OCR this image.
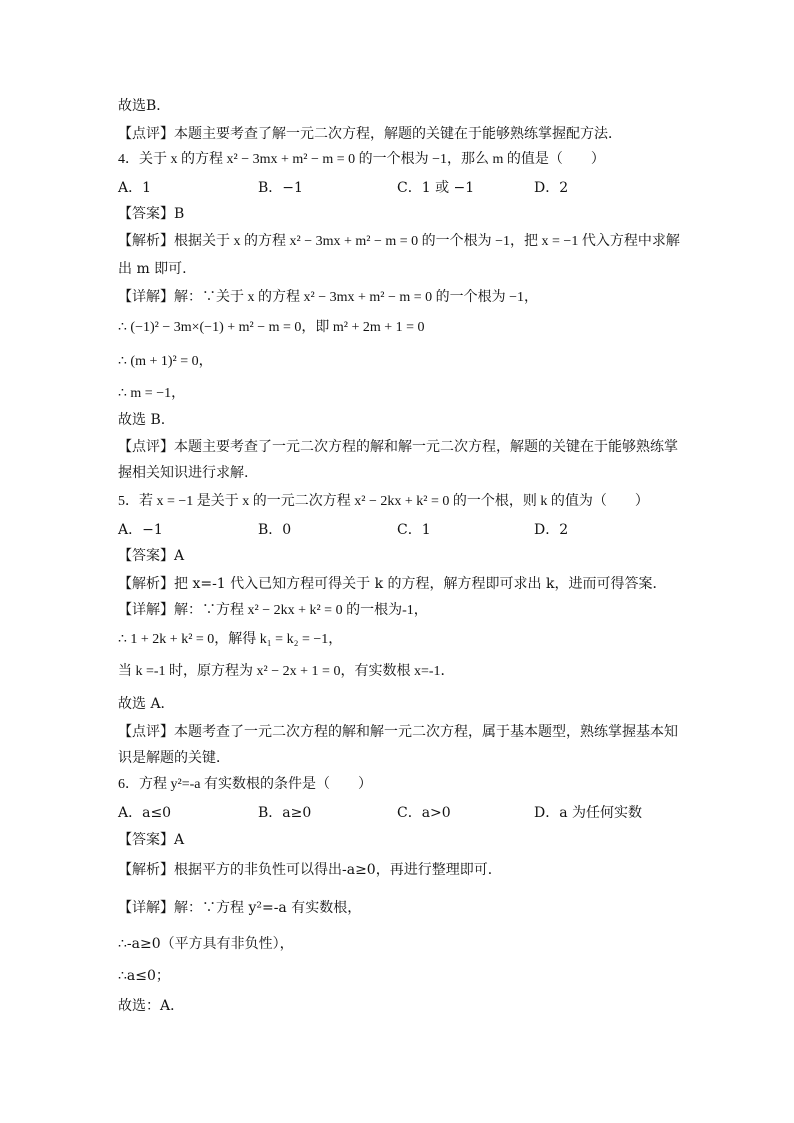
故选B．
【点评】本题主要考查了解一元二次方程，解题的关键在于能够熟练掌握配方法．
4．关于 x 的方程 x² − 3mx + m² − m = 0 的一个根为 −1，那么 m 的值是（　　）
A．1	B．−1	C．1 或 −1	D．2
【答案】B
【解析】根据关于 x 的方程 x² − 3mx + m² − m = 0 的一个根为 −1，把 x = −1 代入方程中求解
出 m 即可.
【详解】解：∵关于 x 的方程 x² − 3mx + m² − m = 0 的一个根为 −1，
∴ (−1)² − 3m×(−1) + m² − m = 0，即 m² + 2m + 1 = 0
∴ (m + 1)² = 0，
∴ m = −1，
故选 B.
【点评】本题主要考查了一元二次方程的解和解一元二次方程，解题的关键在于能够熟练掌
握相关知识进行求解.
5．若 x = −1 是关于 x 的一元二次方程 x² − 2kx + k² = 0 的一个根，则 k 的值为（　　）
A．−1	B．0	C．1	D．2
【答案】A
【解析】把 x=-1 代入已知方程可得关于 k 的方程，解方程即可求出 k，进而可得答案．
【详解】解：∵方程 x² − 2kx + k² = 0 的一根为-1，
∴ 1 + 2k + k² = 0，解得 k₁ = k₂ = −1，
当 k =-1 时，原方程为 x² − 2x + 1 = 0，有实数根 x=-1．
故选 A．
【点评】本题考查了一元二次方程的解和解一元二次方程，属于基本题型，熟练掌握基本知
识是解题的关键．
6．方程 y²=-a 有实数根的条件是（　　）
A．a≤0	B．a≥0	C．a>0	D．a 为任何实数
【答案】A
【解析】根据平方的非负性可以得出-a≥0，再进行整理即可．
【详解】解：∵方程 y²=-a 有实数根，
∴-a≥0（平方具有非负性），
∴a≤0；
故选：A．
